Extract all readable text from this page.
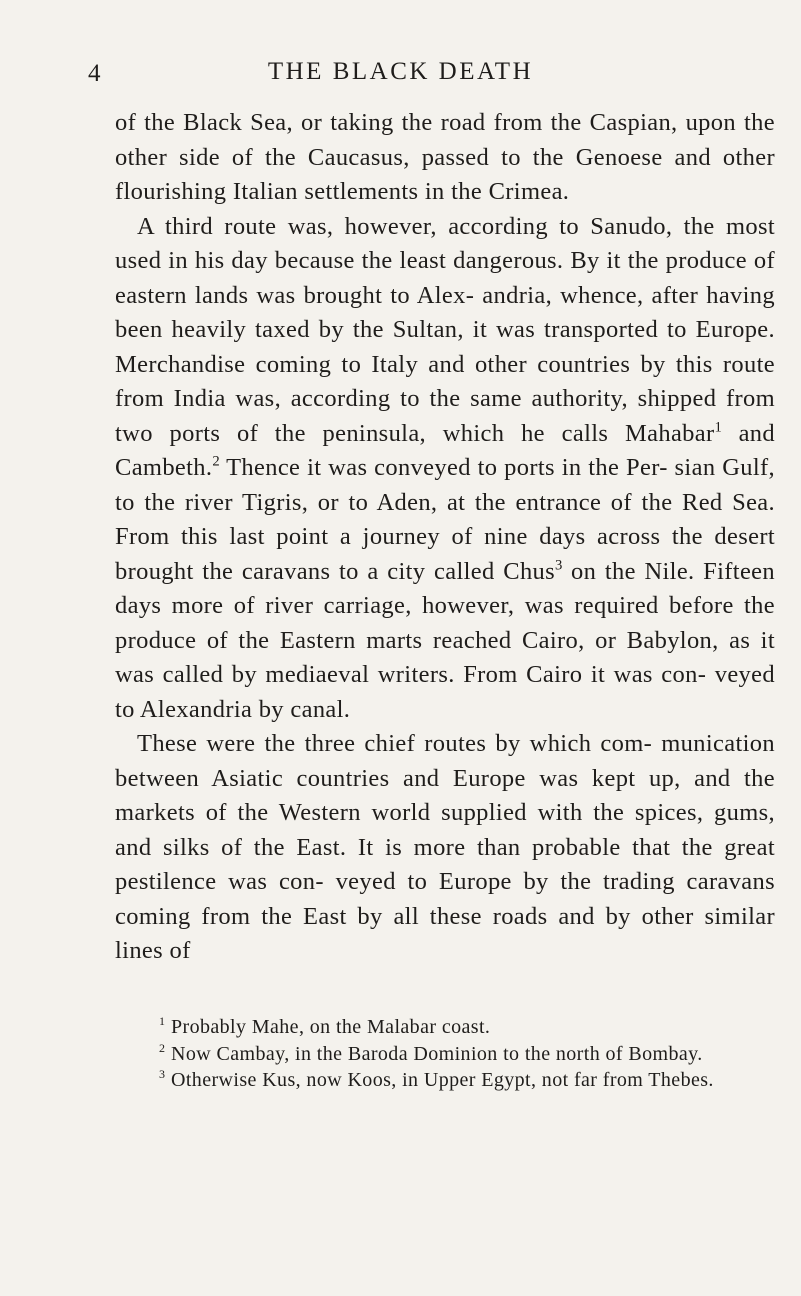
4	THE BLACK DEATH

of the Black Sea, or taking the road from the Caspian, upon the other side of the Caucasus, passed to the Genoese and other flourishing Italian settlements in the Crimea.

A third route was, however, according to Sanudo, the most used in his day because the least dangerous. By it the produce of eastern lands was brought to Alex- andria, whence, after having been heavily taxed by the Sultan, it was transported to Europe. Merchandise coming to Italy and other countries by this route from India was, according to the same authority, shipped from two ports of the peninsula, which he calls Mahabar$^1$ and Cambeth.$^2$ Thence it was conveyed to ports in the Per- sian Gulf, to the river Tigris, or to Aden, at the entrance of the Red Sea. From this last point a journey of nine days across the desert brought the caravans to a city called Chus$^3$ on the Nile. Fifteen days more of river carriage, however, was required before the produce of the Eastern marts reached Cairo, or Babylon, as it was called by mediaeval writers. From Cairo it was con- veyed to Alexandria by canal.

These were the three chief routes by which com- munication between Asiatic countries and Europe was kept up, and the markets of the Western world supplied with the spices, gums, and silks of the East. It is more than probable that the great pestilence was con- veyed to Europe by the trading caravans coming from the East by all these roads and by other similar lines of

$^1$ Probably Mahe, on the Malabar coast.

$^2$ Now Cambay, in the Baroda Dominion to the north of Bombay.

$^3$ Otherwise Kus, now Koos, in Upper Egypt, not far from Thebes.
